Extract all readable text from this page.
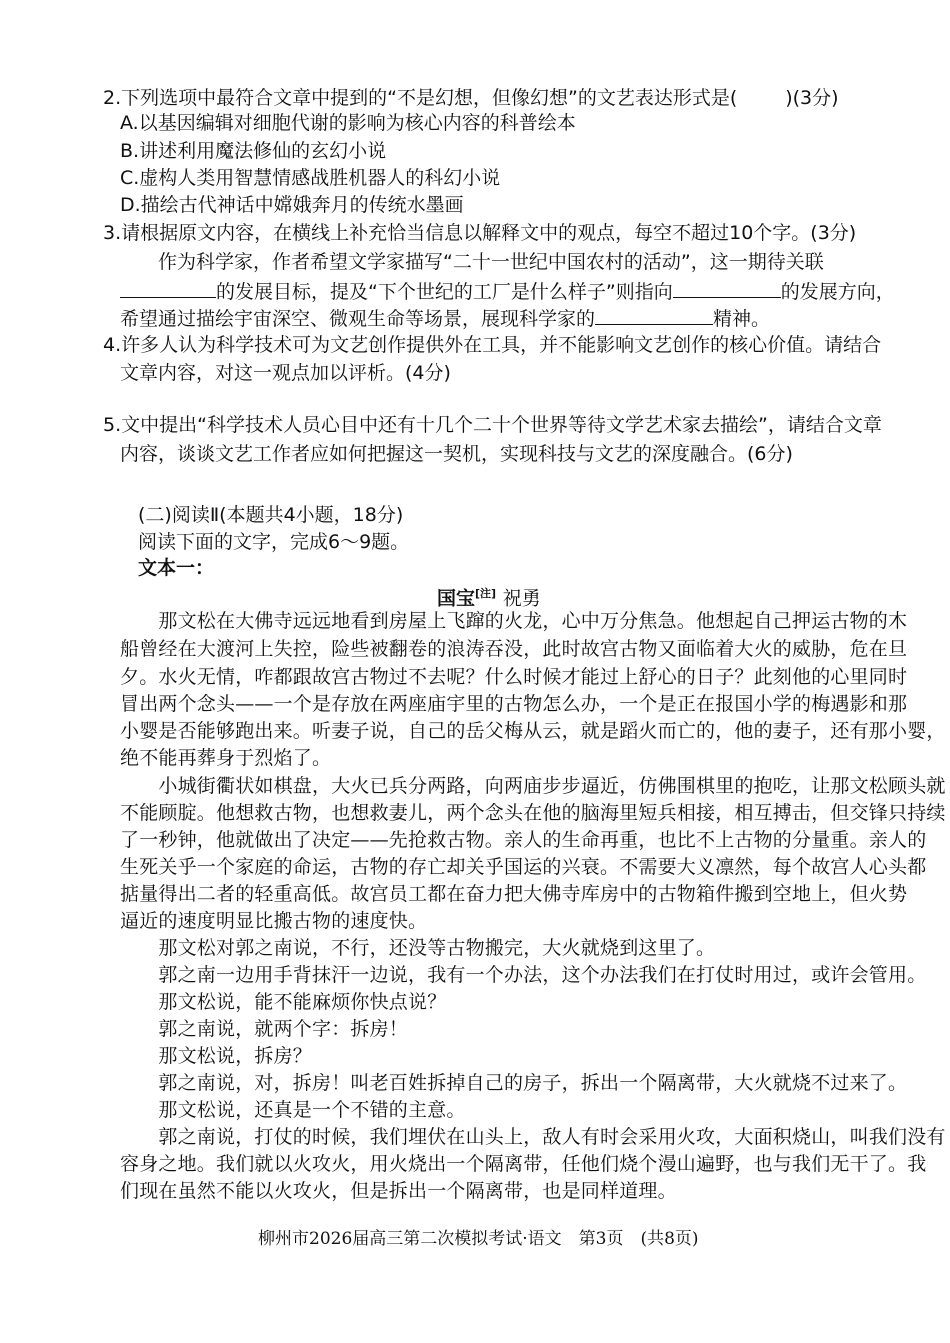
2.下列选项中最符合文章中提到的“不是幻想，但像幻想”的文艺表达形式是(	)(3分)
A.以基因编辑对细胞代谢的影响为核心内容的科普绘本
B.讲述利用魔法修仙的玄幻小说
C.虚构人类用智慧情感战胜机器人的科幻小说
D.描绘古代神话中嫦娥奔月的传统水墨画
3.请根据原文内容，在横线上补充恰当信息以解释文中的观点，每空不超过10个字。(3分)
作为科学家，作者希望文学家描写“二十一世纪中国农村的活动”，这一期待关联
的发展目标，提及“下个世纪的工厂是什么样子”则指向	的发展方向，
希望通过描绘宇宙深空、微观生命等场景，展现科学家的	精神。
4.许多人认为科学技术可为文艺创作提供外在工具，并不能影响文艺创作的核心价值。请结合
文章内容，对这一观点加以评析。(4分)
5.文中提出“科学技术人员心目中还有十几个二十个世界等待文学艺术家去描绘”，请结合文章
内容，谈谈文艺工作者应如何把握这一契机，实现科技与文艺的深度融合。(6分)
(二)阅读Ⅱ(本题共4小题，18分)
阅读下面的文字，完成6～9题。
文本一：
国宝[注] 祝勇
　　那文松在大佛寺远远地看到房屋上飞蹿的火龙，心中万分焦急。他想起自己押运古物的木
船曾经在大渡河上失控，险些被翻卷的浪涛吞没，此时故宫古物又面临着大火的威胁，危在旦
夕。水火无情，咋都跟故宫古物过不去呢？什么时候才能过上舒心的日子？此刻他的心里同时
冒出两个念头——一个是存放在两座庙宇里的古物怎么办，一个是正在报国小学的梅遇影和那
小婴是否能够跑出来。听妻子说，自己的岳父梅从云，就是蹈火而亡的，他的妻子，还有那小婴，
绝不能再葬身于烈焰了。
　　小城街衢状如棋盘，大火已兵分两路，向两庙步步逼近，仿佛围棋里的抱吃，让那文松顾头就
不能顾腚。他想救古物，也想救妻儿，两个念头在他的脑海里短兵相接，相互搏击，但交锋只持续
了一秒钟，他就做出了决定——先抢救古物。亲人的生命再重，也比不上古物的分量重。亲人的
生死关乎一个家庭的命运，古物的存亡却关乎国运的兴衰。不需要大义凛然，每个故宫人心头都
掂量得出二者的轻重高低。故宫员工都在奋力把大佛寺库房中的古物箱件搬到空地上，但火势
逼近的速度明显比搬古物的速度快。
　　那文松对郭之南说，不行，还没等古物搬完，大火就烧到这里了。
　　郭之南一边用手背抹汗一边说，我有一个办法，这个办法我们在打仗时用过，或许会管用。
　　那文松说，能不能麻烦你快点说？
　　郭之南说，就两个字：拆房！
　　那文松说，拆房？
　　郭之南说，对，拆房！叫老百姓拆掉自己的房子，拆出一个隔离带，大火就烧不过来了。
　　那文松说，还真是一个不错的主意。
　　郭之南说，打仗的时候，我们埋伏在山头上，敌人有时会采用火攻，大面积烧山，叫我们没有
容身之地。我们就以火攻火，用火烧出一个隔离带，任他们烧个漫山遍野，也与我们无干了。我
们现在虽然不能以火攻火，但是拆出一个隔离带，也是同样道理。
柳州市2026届高三第二次模拟考试·语文　第3页　(共8页)
